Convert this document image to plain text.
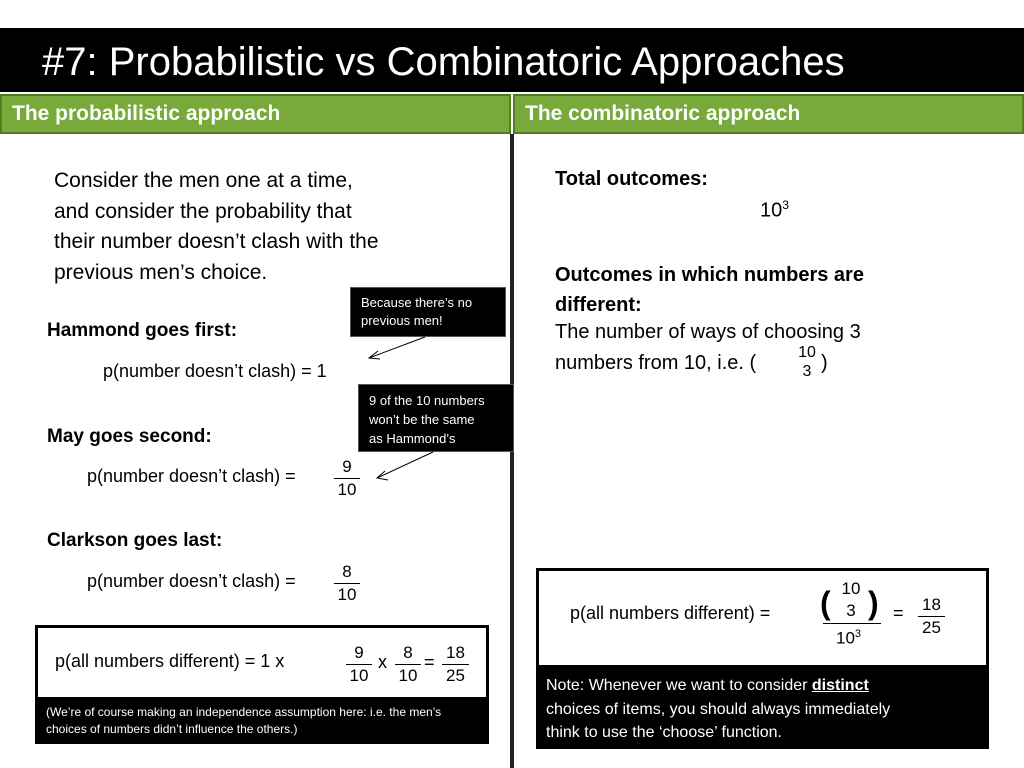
#7: Probabilistic vs Combinatoric Approaches
The probabilistic approach	The combinatoric approach
Consider the men one at a time,
and consider the probability that
their number doesn’t clash with the
previous men’s choice.
Hammond goes first:
p(number doesn’t clash) = 1
May goes second:
p(number doesn’t clash) = $\frac{9}{10}$
Clarkson goes last:
p(number doesn’t clash) = $\frac{8}{10}$
Because there’s no
previous men!
9 of the 10 numbers
won’t be the same
as Hammond’s
p(all numbers different) = 1 x	$\frac{9}{10}$ x $\frac{8}{10} = \frac{18}{25}$
(We’re of course making an independence assumption here: i.e. the men’s
choices of numbers didn’t influence the others.)
Total outcomes:
$10^3$
Outcomes in which numbers are
different:
The number of ways of choosing 3
numbers from 10, i.e. (	10
3 )
p(all numbers different) = ( )
10
3
$10^3$
= $\frac{18}{25}$
Note: Whenever we want to consider distinct
choices of items, you should always immediately
think to use the ‘choose’ function.
